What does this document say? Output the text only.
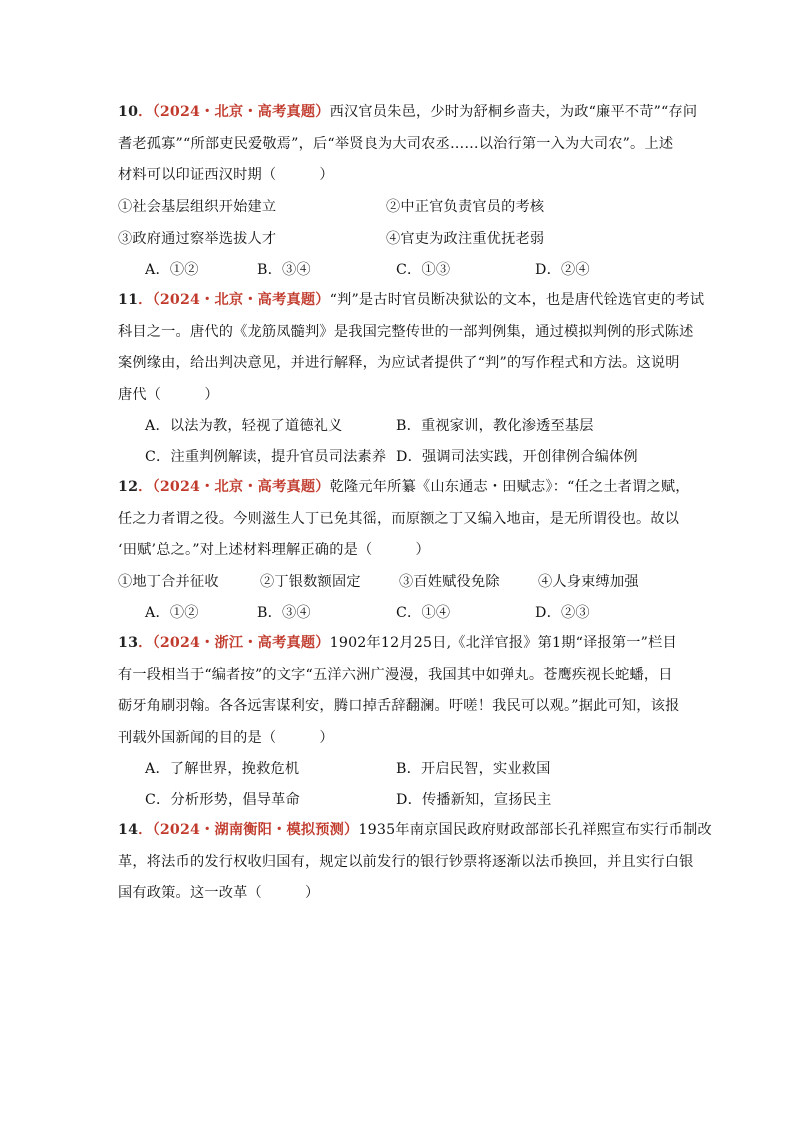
10．（2024・北京・高考真题）西汉官员朱邑，少时为舒桐乡啬夫，为政“廉平不苛”“存问
耆老孤寡”“所部吏民爱敬焉”，后“举贤良为大司农丞……以治行第一入为大司农”。上述
材料可以印证西汉时期（　　　）
①社会基层组织开始建立	②中正官负责官员的考核
③政府通过察举选拔人才	④官吏为政注重优抚老弱
A．①②	B．③④	C．①③	D．②④
11．（2024・北京・高考真题）“判”是古时官员断决狱讼的文本，也是唐代铨选官吏的考试
科目之一。唐代的《龙筋凤髓判》是我国完整传世的一部判例集，通过模拟判例的形式陈述
案例缘由，给出判决意见，并进行解释，为应试者提供了“判”的写作程式和方法。这说明
唐代（　　　）
A．以法为教，轻视了道德礼义	B．重视家训，教化渗透至基层
C．注重判例解读，提升官员司法素养 D．强调司法实践，开创律例合编体例
12．（2024・北京・高考真题）乾隆元年所纂《山东通志・田赋志》：“任之土者谓之赋，
任之力者谓之役。今则滋生人丁已免其徭，而原额之丁又编入地亩，是无所谓役也。故以
‘田赋’总之。”对上述材料理解正确的是（　　　）
①地丁合并征收	②丁银数额固定	③百姓赋役免除	④人身束缚加强
A．①②	B．③④	C．①④	D．②③
13．（2024・浙江・高考真题）1902年12月25日,《北洋官报》第1期“译报第一”栏目
有一段相当于“编者按”的文字“五洋六洲广漫漫，我国其中如弹丸。苍鹰疾视长蛇蟠，日
砺牙角刷羽翰。各各远害谋利安，腾口掉舌辞翻澜。吁嗟！我民可以观。”据此可知，该报
刊载外国新闻的目的是（　　　）
A．了解世界，挽救危机	B．开启民智，实业救国
C．分析形势，倡导革命	D．传播新知，宣扬民主
14．（2024・湖南衡阳・模拟预测）1935年南京国民政府财政部部长孔祥熙宣布实行币制改
革，将法币的发行权收归国有，规定以前发行的银行钞票将逐渐以法币换回，并且实行白银
国有政策。这一改革（　　　）
